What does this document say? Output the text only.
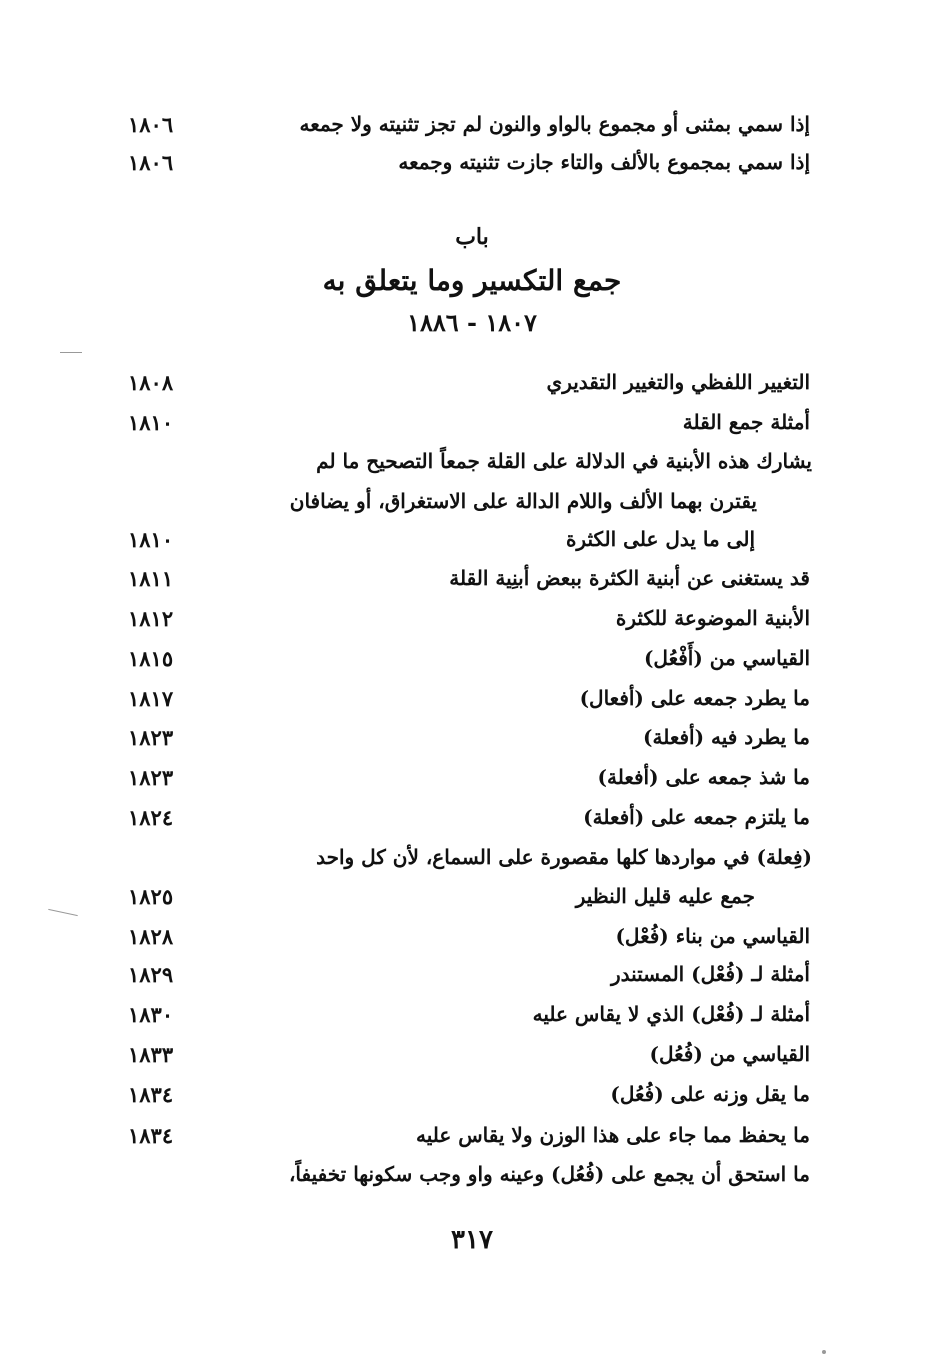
إذا سمي بمثنى أو مجموع بالواو والنون لم تجز تثنيته ولا جمعه
١٨٠٦
إذا سمي بمجموع بالألف والتاء جازت تثنيته وجمعه
١٨٠٦
باب
جمع التكسير وما يتعلق به
١٨٠٧ - ١٨٨٦
التغيير اللفظي والتغيير التقديري
١٨٠٨
أمثلة جمع القلة
١٨١٠
يشارك هذه الأبنية في الدلالة على القلة جمعاً التصحيح ما لم
يقترن بهما الألف واللام الدالة على الاستغراق، أو يضافان
إلى ما يدل على الكثرة
١٨١٠
قد يستغنى عن أبنية الكثرة ببعض أبنِية القلة
١٨١١
الأبنية الموضوعة للكثرة
١٨١٢
القياسي من (أَفْعُل)
١٨١٥
ما يطرد جمعه على (أفعال)
١٨١٧
ما يطرد فيه (أفعلة)
١٨٢٣
ما شذ جمعه على (أفعلة)
١٨٢٣
ما يلتزم جمعه على (أفعلة)
١٨٢٤
(فِعلة) في مواردها كلها مقصورة على السماع، لأن كل واحد
جمع عليه قليل النظير
١٨٢٥
القياسي من بناء (فُعْل)
١٨٢٨
أمثلة لـ (فُعْل) المستندر
١٨٢٩
أمثلة لـ (فُعْل) الذي لا يقاس عليه
١٨٣٠
القياسي من (فُعُل)
١٨٣٣
ما يقل وزنه على (فُعُل)
١٨٣٤
ما يحفظ مما جاء على هذا الوزن ولا يقاس عليه
١٨٣٤
ما استحق أن يجمع على (فُعُل) وعينه واو وجب سكونها تخفيفاً،
٣١٧
